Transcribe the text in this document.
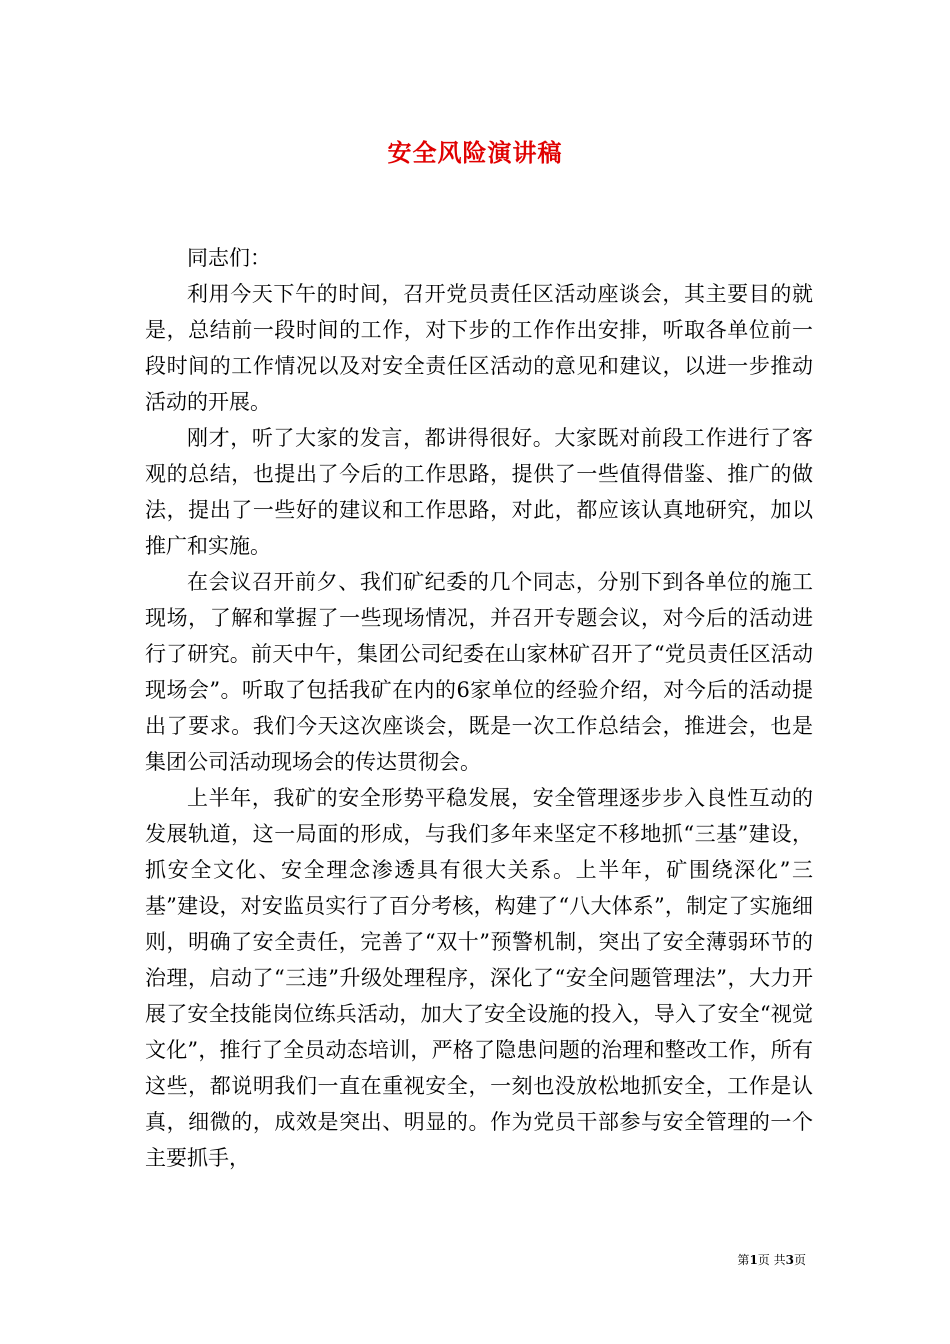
安全风险演讲稿

同志们：

利用今天下午的时间，召开党员责任区活动座谈会，其主要目的就是，总结前一段时间的工作，对下步的工作作出安排，听取各单位前一段时间的工作情况以及对安全责任区活动的意见和建议，以进一步推动活动的开展。

刚才，听了大家的发言，都讲得很好。大家既对前段工作进行了客观的总结，也提出了今后的工作思路，提供了一些值得借鉴、推广的做法，提出了一些好的建议和工作思路，对此，都应该认真地研究，加以推广和实施。

在会议召开前夕、我们矿纪委的几个同志，分别下到各单位的施工现场，了解和掌握了一些现场情况，并召开专题会议，对今后的活动进行了研究。前天中午，集团公司纪委在山家林矿召开了“党员责任区活动现场会”。听取了包括我矿在内的6家单位的经验介绍，对今后的活动提出了要求。我们今天这次座谈会，既是一次工作总结会，推进会，也是集团公司活动现场会的传达贯彻会。

上半年，我矿的安全形势平稳发展，安全管理逐步步入良性互动的发展轨道，这一局面的形成，与我们多年来坚定不移地抓“三基”建设，抓安全文化、安全理念渗透具有很大关系。上半年，矿围绕深化”三基”建设，对安监员实行了百分考核，构建了“八大体系”，制定了实施细则，明确了安全责任，完善了“双十”预警机制，突出了安全薄弱环节的治理，启动了“三违”升级处理程序，深化了“安全问题管理法”，大力开展了安全技能岗位练兵活动，加大了安全设施的投入，导入了安全“视觉文化”，推行了全员动态培训，严格了隐患问题的治理和整改工作，所有这些，都说明我们一直在重视安全，一刻也没放松地抓安全，工作是认真，细微的，成效是突出、明显的。作为党员干部参与安全管理的一个主要抓手，

第1页 共3页
